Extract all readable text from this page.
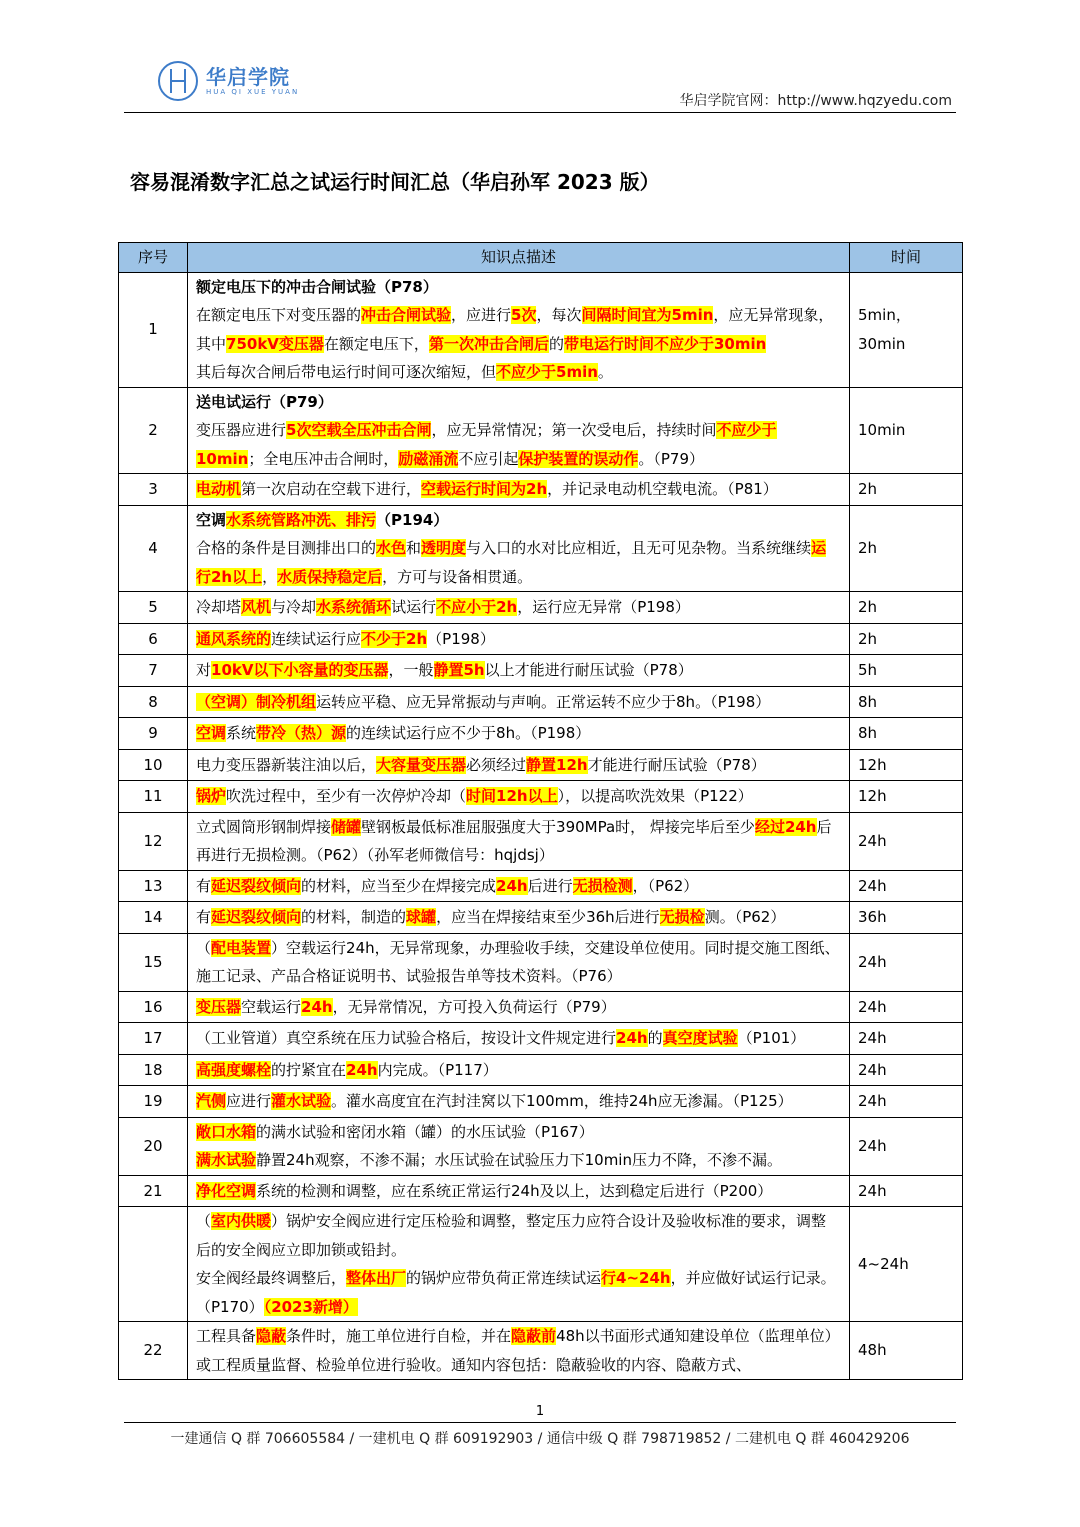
华启学院
HUA QI XUE YUAN
华启学院官网：http://www.hqzyedu.com
容易混淆数字汇总之试运行时间汇总（华启孙军 2023 版）
序号	知识点描述	时间
1	额定电压下的冲击合闸试验（P78）
在额定电压下对变压器的冲击合闸试验，应进行5次，每次间隔时间宜为5min，应无异常现象，
其中750kV变压器在额定电压下，第一次冲击合闸后的带电运行时间不应少于30min
其后每次合闸后带电运行时间可逐次缩短，但不应少于5min。	5min，30min
2	送电试运行（P79）
变压器应进行5次空载全压冲击合闸，应无异常情况；第一次受电后，持续时间不应少于10min；全电压冲击合闸时，励磁涌流不应引起保护装置的误动作。（P79）	10min
3	电动机第一次启动在空载下进行，空载运行时间为2h，并记录电动机空载电流。（P81）	2h
4	空调水系统管路冲洗、排污（P194）
合格的条件是目测排出口的水色和透明度与入口的水对比应相近，且无可见杂物。当系统继续运行2h以上，水质保持稳定后，方可与设备相贯通。	2h
5	冷却塔风机与冷却水系统循环试运行不应小于2h，运行应无异常（P198）	2h
6	通风系统的连续试运行应不少于2h（P198）	2h
7	对10kV以下小容量的变压器，一般静置5h以上才能进行耐压试验（P78）	5h
8	（空调）制冷机组运转应平稳、应无异常振动与声响。正常运转不应少于8h。（P198）	8h
9	空调系统带冷（热）源的连续试运行应不少于8h。（P198）	8h
10	电力变压器新装注油以后，大容量变压器必须经过静置12h才能进行耐压试验（P78）	12h
11	锅炉吹洗过程中，至少有一次停炉冷却（时间12h以上），以提高吹洗效果（P122）	12h
12	立式圆筒形钢制焊接储罐壁钢板最低标准屈服强度大于390MPa时， 焊接完毕后至少经过24h后再进行无损检测。（P62）（孙军老师微信号：hqjdsj）	24h
13	有延迟裂纹倾向的材料，应当至少在焊接完成24h后进行无损检测，（P62）	24h
14	有延迟裂纹倾向的材料，制造的球罐，应当在焊接结束至少36h后进行无损检测。（P62）	36h
15	（配电装置）空载运行24h，无异常现象，办理验收手续，交建设单位使用。同时提交施工图纸、施工记录、产品合格证说明书、试验报告单等技术资料。（P76）	24h
16	变压器空载运行24h，无异常情况，方可投入负荷运行（P79）	24h
17	（工业管道）真空系统在压力试验合格后，按设计文件规定进行24h的真空度试验（P101）	24h
18	高强度螺栓的拧紧宜在24h内完成。（P117）	24h
19	汽侧应进行灌水试验。灌水高度宜在汽封洼窝以下100mm，维持24h应无渗漏。（P125）	24h
20	敞口水箱的满水试验和密闭水箱（罐）的水压试验（P167）
满水试验静置24h观察，不渗不漏；水压试验在试验压力下10min压力不降，不渗不漏。	24h
21	净化空调系统的检测和调整，应在系统正常运行24h及以上，达到稳定后进行（P200）	24h

	（室内供暖）锅炉安全阀应进行定压检验和调整，整定压力应符合设计及验收标准的要求，调整后的安全阀应立即加锁或铅封。
安全阀经最终调整后，整体出厂的锅炉应带负荷正常连续试运行4~24h，并应做好试运行记录。（P170）（2023新增）	4~24h
22	工程具备隐蔽条件时，施工单位进行自检，并在隐蔽前48h以书面形式通知建设单位（监理单位）或工程质量监督、检验单位进行验收。通知内容包括：隐蔽验收的内容、隐蔽方式、	48h
1
一建通信 Q 群 706605584 / 一建机电 Q 群 609192903 / 通信中级 Q 群 798719852 / 二建机电 Q 群 460429206
